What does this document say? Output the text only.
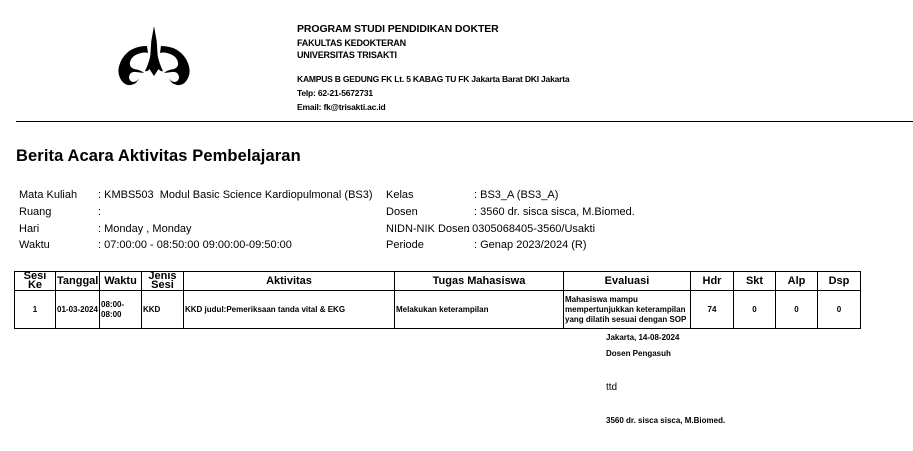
PROGRAM STUDI PENDIDIKAN DOKTER
FAKULTAS KEDOKTERAN
UNIVERSITAS TRISAKTI
KAMPUS B GEDUNG FK Lt. 5 KABAG TU FK Jakarta Barat DKI Jakarta
Telp: 62-21-5672731
Email: fk@trisakti.ac.id
Berita Acara Aktivitas Pembelajaran
Mata Kuliah : KMBS503  Modul Basic Science Kardiopulmonal (BS3)
Ruang	:
Hari	: Monday , Monday
Waktu	: 07:00:00 - 08:50:00 09:00:00-09:50:00
Kelas	: BS3_A (BS3_A)
Dosen	: 3560 dr. sisca sisca, M.Biomed.
NIDN-NIK Dosen
: 0305068405-3560/Usakti
Periode	: Genap 2023/2024 (R)
Sesi
Ke	Tanggal	Waktu	Jenis
Sesi	Aktivitas	Tugas Mahasiswa	Evaluasi	Hdr	Skt	Alp	Dsp
1	01-03-2024	08:00-
08:00	KKD	KKD judul:Pemeriksaan tanda vital & EKG	Melakukan keterampilan	Mahasiswa mampu
mempertunjukkan keterampilan
yang dilatih sesuai dengan SOP	74	0	0	0
Jakarta, 14-08-2024
Dosen Pengasuh
ttd
3560 dr. sisca sisca, M.Biomed.
